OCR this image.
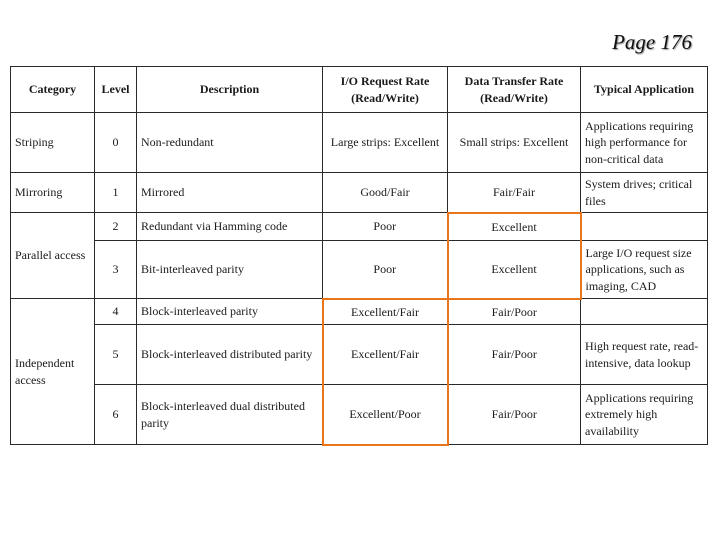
Page 176
Category	Level	Description	I/O Request Rate (Read/Write)	Data Transfer Rate (Read/Write)	Typical Application
Striping	0	Non-redundant	Large strips: Excellent	Small strips: Excellent	Applications requiring high performance for non-critical data
Mirroring	1	Mirrored	Good/Fair	Fair/Fair	System drives; critical files
Parallel access	2	Redundant via Hamming code	Poor	Excellent	
	3	Bit-interleaved parity	Poor	Excellent	Large I/O request size applications, such as imaging, CAD
Independent access	4	Block-interleaved parity	Excellent/Fair	Fair/Poor	
	5	Block-interleaved distributed parity	Excellent/Fair	Fair/Poor	High request rate, read-intensive, data lookup
	6	Block-interleaved dual distributed parity	Excellent/Poor	Fair/Poor	Applications requiring extremely high availability
